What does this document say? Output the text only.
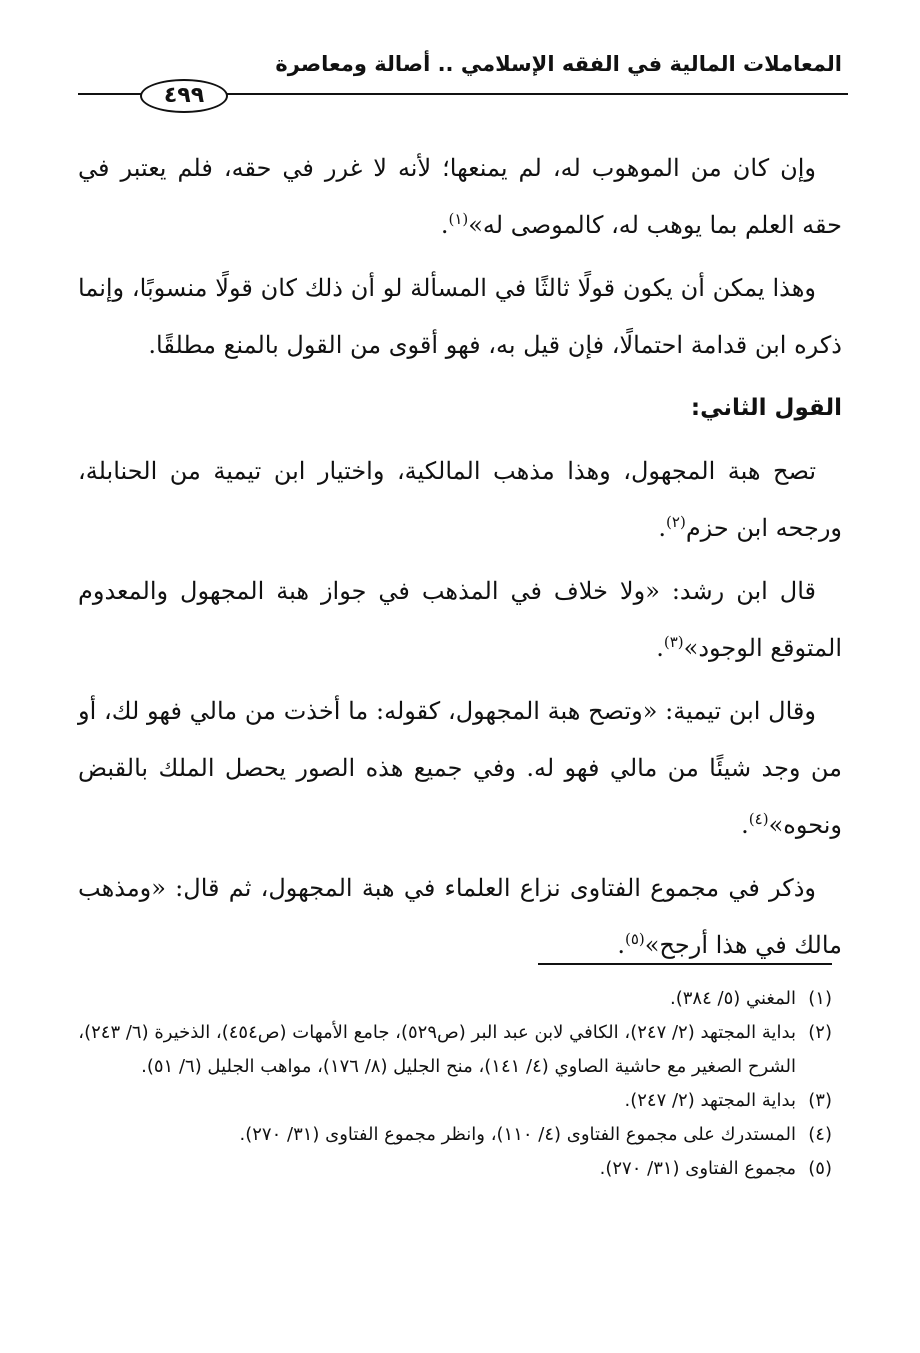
المعاملات المالية في الفقه الإسلامي .. أصالة ومعاصرة
٤٩٩

وإن كان من الموهوب له، لم يمنعها؛ لأنه لا غرر في حقه، فلم يعتبر في حقه العلم بما يوهب له، كالموصى له»$^{(١)}$.

وهذا يمكن أن يكون قولًا ثالثًا في المسألة لو أن ذلك كان قولًا منسوبًا، وإنما ذكره ابن قدامة احتمالًا، فإن قيل به، فهو أقوى من القول بالمنع مطلقًا.

القول الثاني:

تصح هبة المجهول، وهذا مذهب المالكية، واختيار ابن تيمية من الحنابلة، ورجحه ابن حزم$^{(٢)}$.

قال ابن رشد: «ولا خلاف في المذهب في جواز هبة المجهول والمعدوم المتوقع الوجود»$^{(٣)}$.

وقال ابن تيمية: «وتصح هبة المجهول، كقوله: ما أخذت من مالي فهو لك، أو من وجد شيئًا من مالي فهو له. وفي جميع هذه الصور يحصل الملك بالقبض ونحوه»$^{(٤)}$.

وذكر في مجموع الفتاوى نزاع العلماء في هبة المجهول، ثم قال: «ومذهب مالك في هذا أرجح»$^{(٥)}$.

(١)
المغني (٥/ ٣٨٤).
(٢)
بداية المجتهد (٢/ ٢٤٧)، الكافي لابن عبد البر (ص٥٢٩)، جامع الأمهات (ص٤٥٤)، الذخيرة (٦/ ٢٤٣)، الشرح الصغير مع حاشية الصاوي (٤/ ١٤١)، منح الجليل (٨/ ١٧٦)، مواهب الجليل (٦/ ٥١).
(٣)
بداية المجتهد (٢/ ٢٤٧).
(٤)
المستدرك على مجموع الفتاوى (٤/ ١١٠)، وانظر مجموع الفتاوى (٣١/ ٢٧٠).
(٥)
مجموع الفتاوى (٣١/ ٢٧٠).
